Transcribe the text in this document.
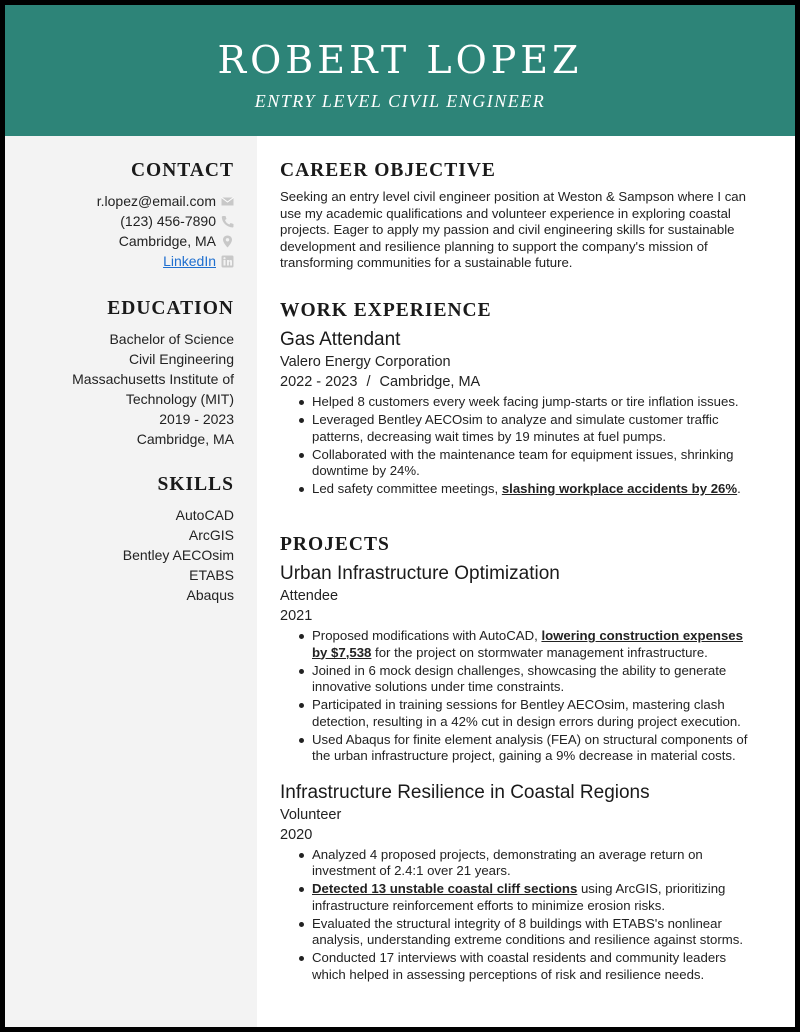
ROBERT LOPEZ
ENTRY LEVEL CIVIL ENGINEER
CONTACT
r.lopez@email.com
(123) 456-7890
Cambridge, MA
LinkedIn
EDUCATION
Bachelor of Science
Civil Engineering
Massachusetts Institute of
Technology (MIT)
2019 - 2023
Cambridge, MA
SKILLS
AutoCAD
ArcGIS
Bentley AECOsim
ETABS
Abaqus
CAREER OBJECTIVE
Seeking an entry level civil engineer position at Weston & Sampson where I can use my academic qualifications and volunteer experience in exploring coastal projects. Eager to apply my passion and civil engineering skills for sustainable development and resilience planning to support the company's mission of transforming communities for a sustainable future.
WORK EXPERIENCE
Gas Attendant
Valero Energy Corporation
2022 - 2023 / Cambridge, MA
Helped 8 customers every week facing jump-starts or tire inflation issues.
Leveraged Bentley AECOsim to analyze and simulate customer traffic patterns, decreasing wait times by 19 minutes at fuel pumps.
Collaborated with the maintenance team for equipment issues, shrinking downtime by 24%.
Led safety committee meetings, slashing workplace accidents by 26%.
PROJECTS
Urban Infrastructure Optimization
Attendee
2021
Proposed modifications with AutoCAD, lowering construction expenses by $7,538 for the project on stormwater management infrastructure.
Joined in 6 mock design challenges, showcasing the ability to generate innovative solutions under time constraints.
Participated in training sessions for Bentley AECOsim, mastering clash detection, resulting in a 42% cut in design errors during project execution.
Used Abaqus for finite element analysis (FEA) on structural components of the urban infrastructure project, gaining a 9% decrease in material costs.
Infrastructure Resilience in Coastal Regions
Volunteer
2020
Analyzed 4 proposed projects, demonstrating an average return on investment of 2.4:1 over 21 years.
Detected 13 unstable coastal cliff sections using ArcGIS, prioritizing infrastructure reinforcement efforts to minimize erosion risks.
Evaluated the structural integrity of 8 buildings with ETABS's nonlinear analysis, understanding extreme conditions and resilience against storms.
Conducted 17 interviews with coastal residents and community leaders which helped in assessing perceptions of risk and resilience needs.
